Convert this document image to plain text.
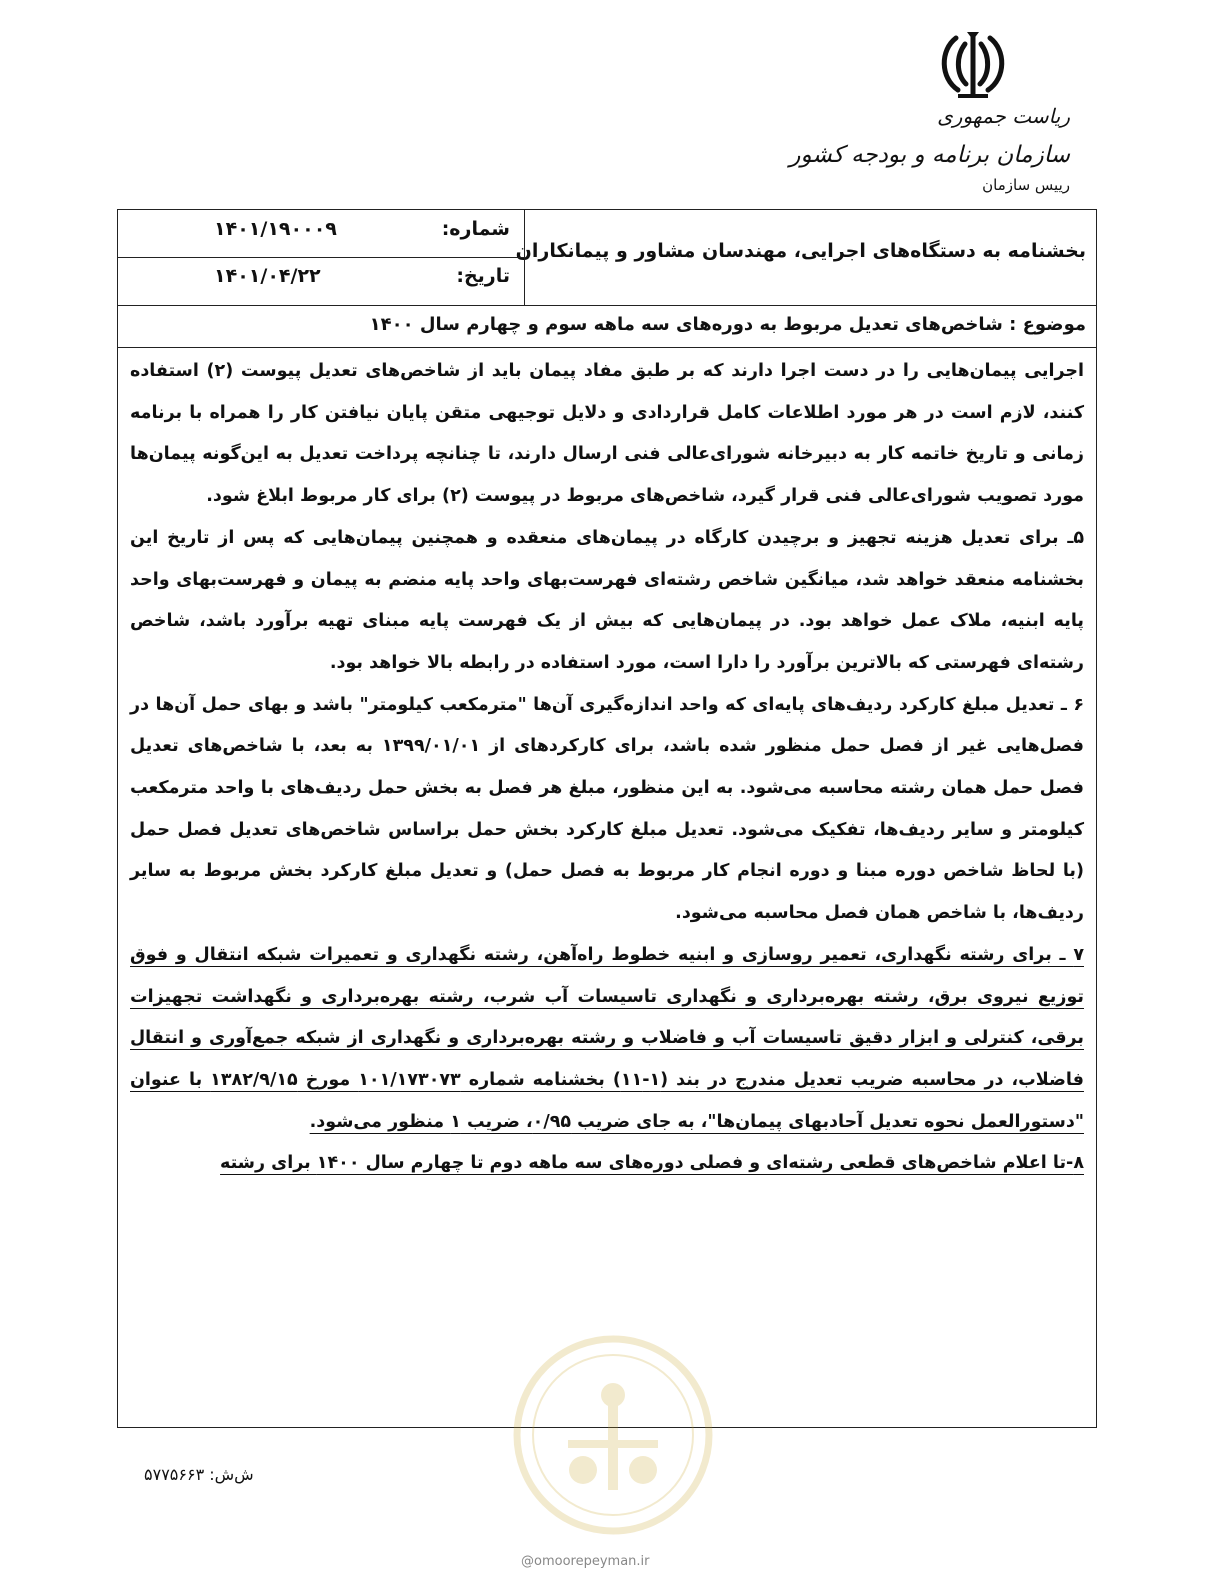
ریاست جمهوری
سازمان برنامه و بودجه کشور
رییس سازمان
بخشنامه به دستگاه‌های اجرایی، مهندسان مشاور و پیمانکاران
شماره:
۱۴۰۱/۱۹۰۰۰۹
تاریخ:
۱۴۰۱/۰۴/۲۲
موضوع : شاخص‌های تعدیل مربوط به دوره‌های سه ماهه سوم و چهارم سال ۱۴۰۰

اجرایی پیمان‌هایی را در دست اجرا دارند که بر طبق مفاد پیمان باید از شاخص‌های تعدیل پیوست (۲) استفاده کنند، لازم است در هر مورد اطلاعات کامل قراردادی و دلایل توجیهی متقن پایان نیافتن کار را همراه با برنامه زمانی و تاریخ خاتمه کار به دبیرخانه شورای‌عالی فنی ارسال دارند، تا چنانچه پرداخت تعدیل به این‌گونه پیمان‌ها مورد تصویب شورای‌عالی فنی قرار گیرد، شاخص‌های مربوط در پیوست (۲) برای کار مربوط ابلاغ شود.

۵ـ برای تعدیل هزینه تجهیز و برچیدن کارگاه در پیمان‌های منعقده و همچنین پیمان‌هایی که پس از تاریخ این بخشنامه منعقد خواهد شد، میانگین شاخص رشته‌ای فهرست‌بهای واحد پایه منضم به پیمان و فهرست‌بهای واحد پایه ابنیه، ملاک عمل خواهد بود. در پیمان‌هایی که بیش از یک فهرست پایه مبنای تهیه برآورد باشد، شاخص رشته‌ای فهرستی که بالاترین برآورد را دارا است، مورد استفاده در رابطه بالا خواهد بود.

۶ ـ تعدیل مبلغ کارکرد ردیف‌های پایه‌ای که واحد اندازه‌گیری آن‌ها "مترمکعب کیلومتر" باشد و بهای حمل آن‌ها در فصل‌هایی غیر از فصل حمل منظور شده باشد، برای کارکردهای از ۱۳۹۹/۰۱/۰۱ به بعد، با شاخص‌های تعدیل فصل حمل همان رشته محاسبه می‌شود. به این منظور، مبلغ هر فصل به بخش حمل ردیف‌های با واحد مترمکعب کیلومتر و سایر ردیف‌ها، تفکیک می‌شود. تعدیل مبلغ کارکرد بخش حمل براساس شاخص‌های تعدیل فصل حمل (با لحاظ شاخص دوره مبنا و دوره انجام کار مربوط به فصل حمل) و تعدیل مبلغ کارکرد بخش مربوط به سایر ردیف‌ها، با شاخص همان فصل محاسبه می‌شود.

۷ ـ برای رشته نگهداری، تعمیر روسازی و ابنیه خطوط راه‌آهن، رشته نگهداری و تعمیرات شبکه انتقال و فوق توزیع نیروی برق، رشته بهره‌برداری و نگهداری تاسیسات آب شرب، رشته بهره‌برداری و نگهداشت تجهیزات برقی، کنترلی و ابزار دقیق تاسیسات آب و فاضلاب و رشته بهره‌برداری و نگهداری از شبکه جمع‌آوری و انتقال فاضلاب، در محاسبه ضریب تعدیل مندرج در بند (۱-۱۱) بخشنامه شماره ۱۰۱/۱۷۳۰۷۳ مورخ ۱۳۸۲/۹/۱۵ با عنوان "دستورالعمل نحوه تعدیل آحادبهای پیمان‌ها"، به جای ضریب ۰/۹۵، ضریب ۱ منظور می‌شود.

۸-تا اعلام شاخص‌های قطعی رشته‌ای و فصلی دوره‌های سه ماهه دوم تا چهارم سال ۱۴۰۰ برای رشته

ش‌ش: ۵۷۷۵۶۶۳
@omoorepeyman.ir
